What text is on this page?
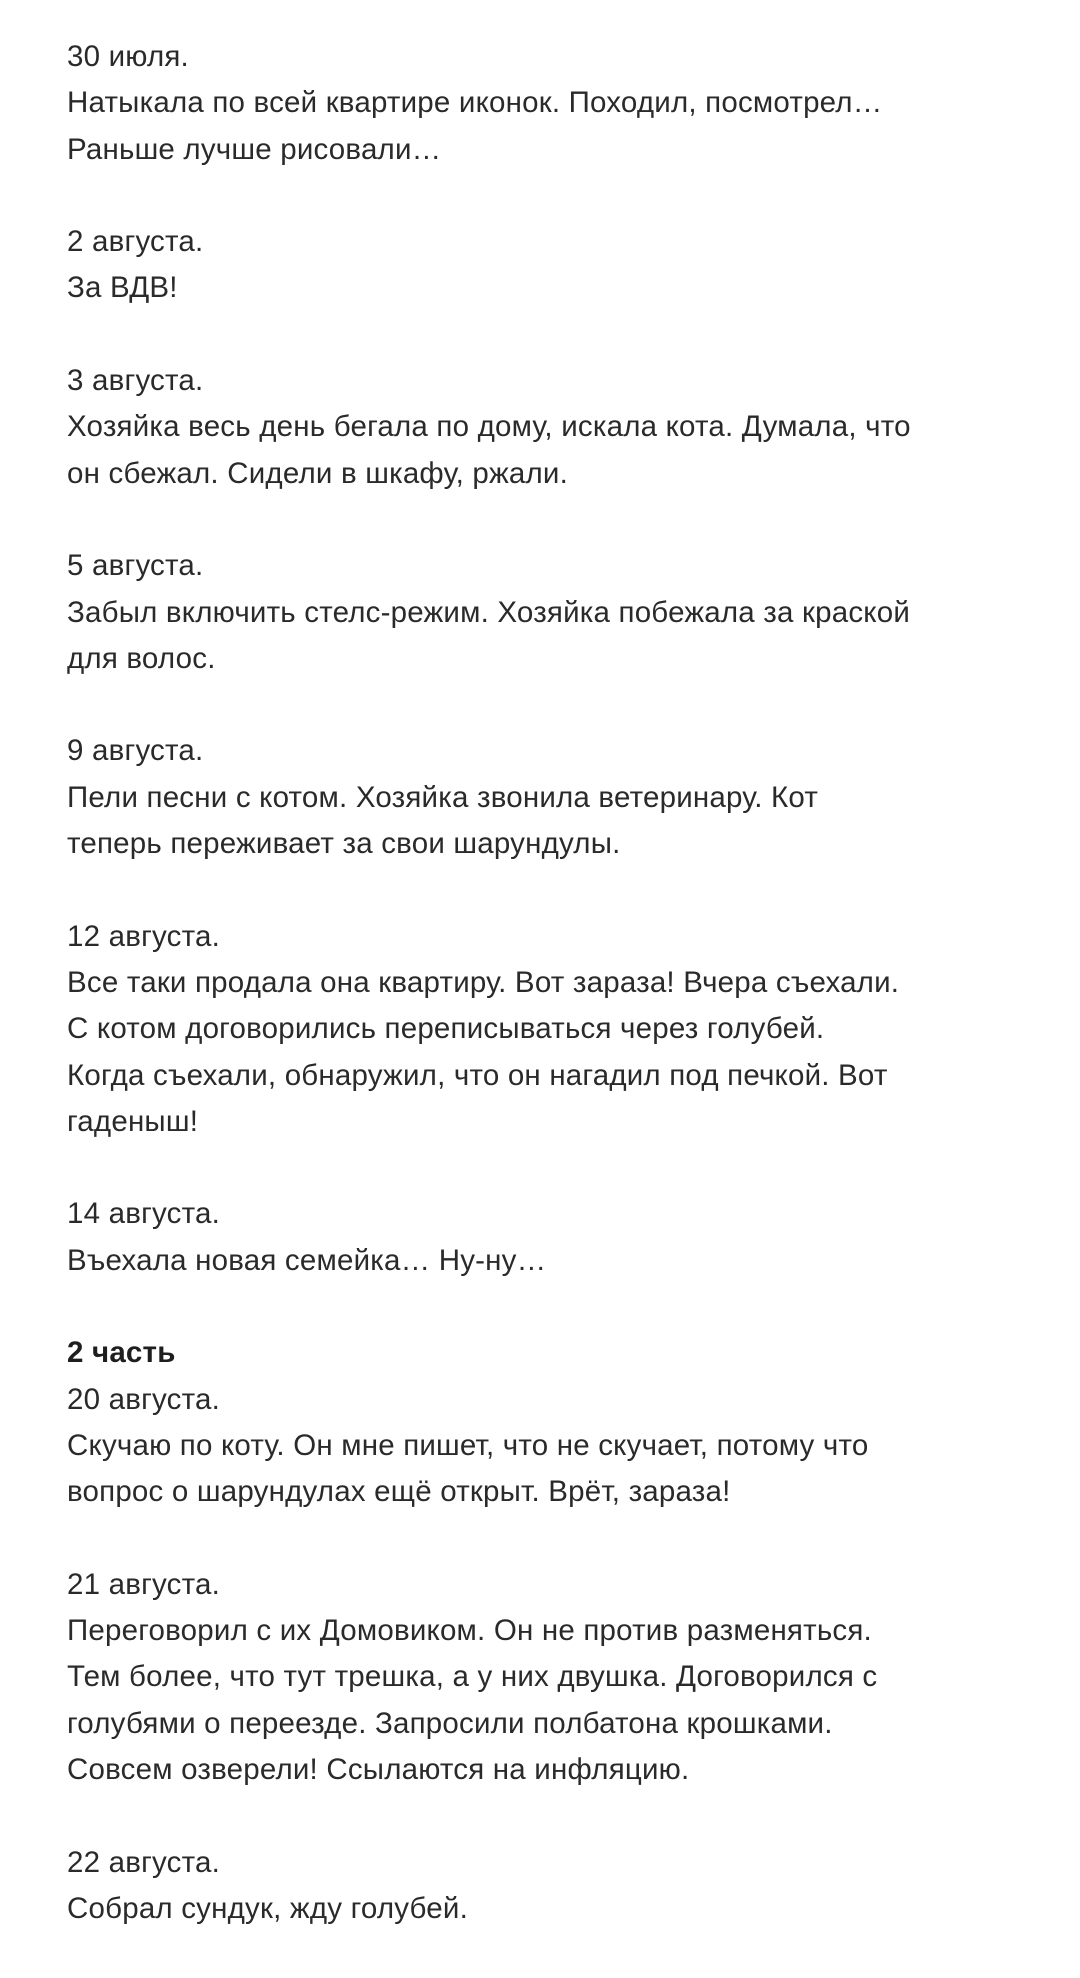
30 июля.
Натыкала по всей квартире иконок. Походил, посмотрел…
Раньше лучше рисовали…
2 августа.
За ВДВ!
3 августа.
Хозяйка весь день бегала по дому, искала кота. Думала, что
он сбежал. Сидели в шкафу, ржали.
5 августа.
Забыл включить стелс-режим. Хозяйка побежала за краской
для волос.
9 августа.
Пели песни с котом. Хозяйка звонила ветеринару. Кот
теперь переживает за свои шарундулы.
12 августа.
Все таки продала она квартиру. Вот зараза! Вчера съехали.
С котом договорились переписываться через голубей.
Когда съехали, обнаружил, что он нагадил под печкой. Вот
гаденыш!
14 августа.
Въехала новая семейка… Ну-ну…
2 часть
20 августа.
Скучаю по коту. Он мне пишет, что не скучает, потому что
вопрос о шарундулах ещё открыт. Врёт, зараза!
21 августа.
Переговорил с их Домовиком. Он не против разменяться.
Тем более, что тут трешка, а у них двушка. Договорился с
голубями о переезде. Запросили полбатона крошками.
Совсем озверели! Ссылаются на инфляцию.
22 августа.
Собрал сундук, жду голубей.
